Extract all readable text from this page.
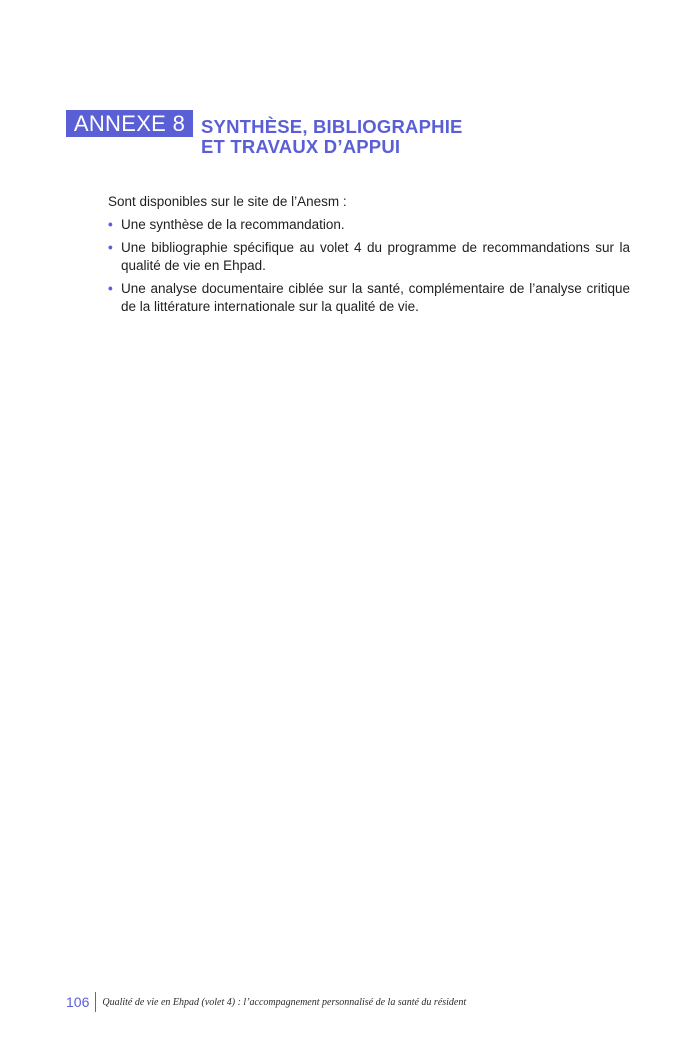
ANNEXE 8 SYNTHÈSE, BIBLIOGRAPHIE
ET TRAVAUX D’APPUI

Sont disponibles sur le site de l’Anesm :

• Une synthèse de la recommandation.
• Une bibliographie spécifique au volet 4 du programme de recommandations sur la qualité de vie en Ehpad.
• Une analyse documentaire ciblée sur la santé, complémentaire de l’analyse critique de la littérature internationale sur la qualité de vie.
106	Qualité de vie en Ehpad (volet 4) : l’accompagnement personnalisé de la santé du résident
